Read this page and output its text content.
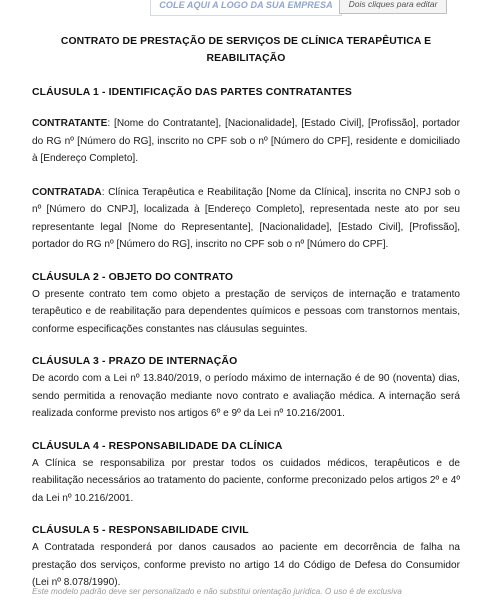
COLE AQUI A LOGO DA SUA EMPRESA	Dois cliques para editar
CONTRATO DE PRESTAÇÃO DE SERVIÇOS DE CLÍNICA TERAPÊUTICA E REABILITAÇÃO
CLÁUSULA 1 - IDENTIFICAÇÃO DAS PARTES CONTRATANTES

CONTRATANTE: [Nome do Contratante], [Nacionalidade], [Estado Civil], [Profissão], portador do RG nº [Número do RG], inscrito no CPF sob o nº [Número do CPF], residente e domiciliado à [Endereço Completo].

CONTRATADA: Clínica Terapêutica e Reabilitação [Nome da Clínica], inscrita no CNPJ sob o nº [Número do CNPJ], localizada à [Endereço Completo], representada neste ato por seu representante legal [Nome do Representante], [Nacionalidade], [Estado Civil], [Profissão], portador do RG nº [Número do RG], inscrito no CPF sob o nº [Número do CPF].

CLÁUSULA 2 - OBJETO DO CONTRATO

O presente contrato tem como objeto a prestação de serviços de internação e tratamento terapêutico e de reabilitação para dependentes químicos e pessoas com transtornos mentais, conforme especificações constantes nas cláusulas seguintes.

CLÁUSULA 3 - PRAZO DE INTERNAÇÃO

De acordo com a Lei nº 13.840/2019, o período máximo de internação é de 90 (noventa) dias, sendo permitida a renovação mediante novo contrato e avaliação médica. A internação será realizada conforme previsto nos artigos 6º e 9º da Lei nº 10.216/2001.

CLÁUSULA 4 - RESPONSABILIDADE DA CLÍNICA

A Clínica se responsabiliza por prestar todos os cuidados médicos, terapêuticos e de reabilitação necessários ao tratamento do paciente, conforme preconizado pelos artigos 2º e 4º da Lei nº 10.216/2001.

CLÁUSULA 5 - RESPONSABILIDADE CIVIL

A Contratada responderá por danos causados ao paciente em decorrência de falha na prestação dos serviços, conforme previsto no artigo 14 do Código de Defesa do Consumidor (Lei nº 8.078/1990).

Este modelo padrão deve ser personalizado e não substitui orientação jurídica. O uso é de exclusiva
